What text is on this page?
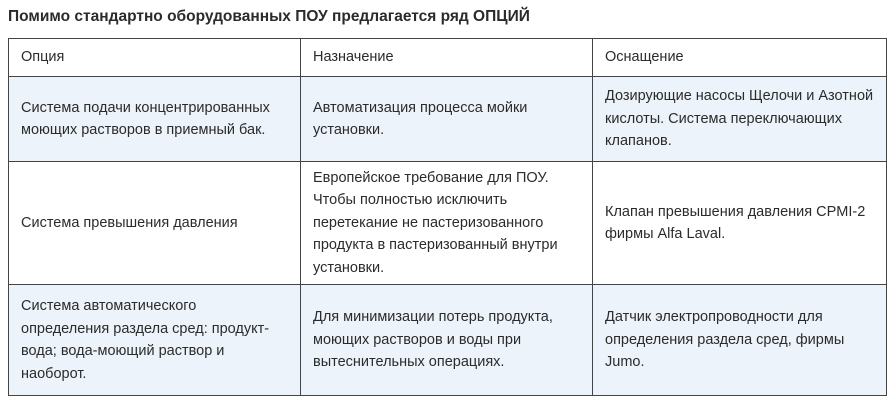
Помимо стандартно оборудованных ПОУ предлагается ряд ОПЦИЙ
Опция	Назначение	Оснащение
Система подачи концентрированных моющих растворов в приемный бак.	Автоматизация процесса мойки установки.	Дозирующие насосы Щелочи и Азотной кислоты. Система переключающих клапанов.
Система превышения давления	Европейское требование для ПОУ. Чтобы полностью исключить перетекание не пастеризованного продукта в пастеризованный внутри установки.	Клапан превышения давления CPMI-2 фирмы Alfa Laval.
Система автоматического определения раздела сред: продукт-вода; вода-моющий раствор и наоборот.	Для минимизации потерь продукта, моющих растворов и воды при вытеснительных операциях.	Датчик электропроводности для определения раздела сред, фирмы Jumo.
